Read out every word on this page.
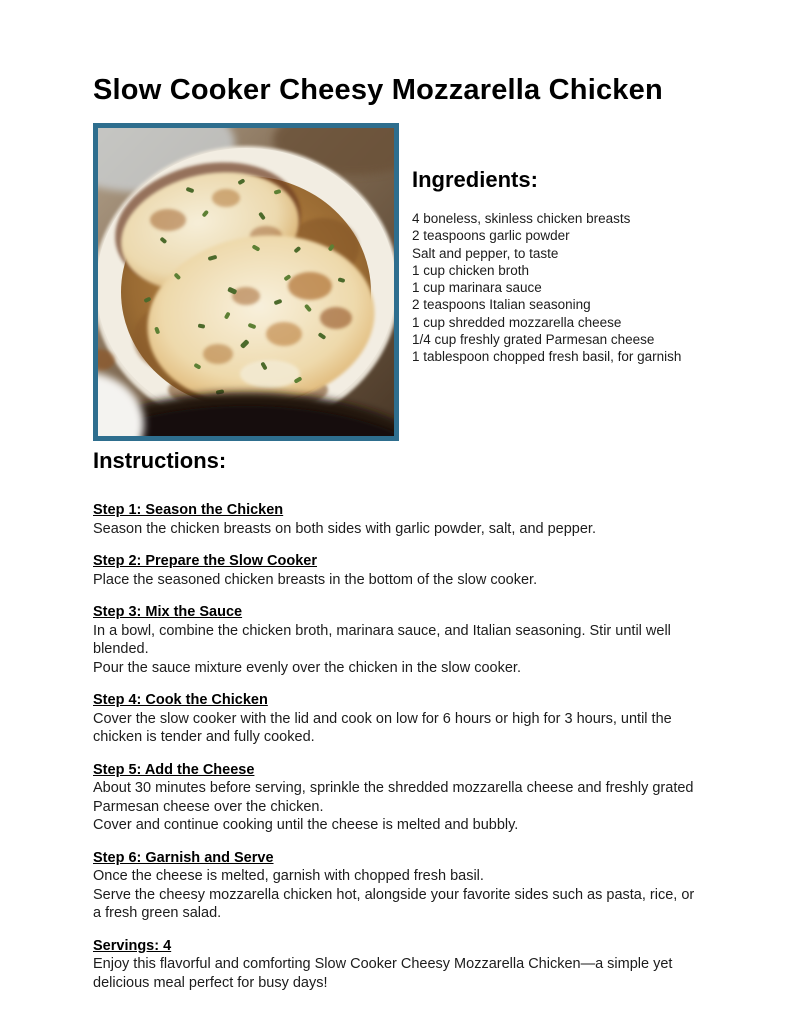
Slow Cooker Cheesy Mozzarella Chicken
Ingredients:
4 boneless, skinless chicken breasts
2 teaspoons garlic powder
Salt and pepper, to taste
1 cup chicken broth
1 cup marinara sauce
2 teaspoons Italian seasoning
1 cup shredded mozzarella cheese
1/4 cup freshly grated Parmesan cheese
1 tablespoon chopped fresh basil, for garnish
Instructions:
Step 1: Season the Chicken

Season the chicken breasts on both sides with garlic powder, salt, and pepper.

Step 2: Prepare the Slow Cooker

Place the seasoned chicken breasts in the bottom of the slow cooker.

Step 3: Mix the Sauce

In a bowl, combine the chicken broth, marinara sauce, and Italian seasoning. Stir until well blended.

Pour the sauce mixture evenly over the chicken in the slow cooker.

Step 4: Cook the Chicken

Cover the slow cooker with the lid and cook on low for 6 hours or high for 3 hours, until the chicken is tender and fully cooked.

Step 5: Add the Cheese

About 30 minutes before serving, sprinkle the shredded mozzarella cheese and freshly grated Parmesan cheese over the chicken.

Cover and continue cooking until the cheese is melted and bubbly.

Step 6: Garnish and Serve

Once the cheese is melted, garnish with chopped fresh basil.

Serve the cheesy mozzarella chicken hot, alongside your favorite sides such as pasta, rice, or a fresh green salad.

Servings: 4

Enjoy this flavorful and comforting Slow Cooker Cheesy Mozzarella Chicken—a simple yet delicious meal perfect for busy days!
